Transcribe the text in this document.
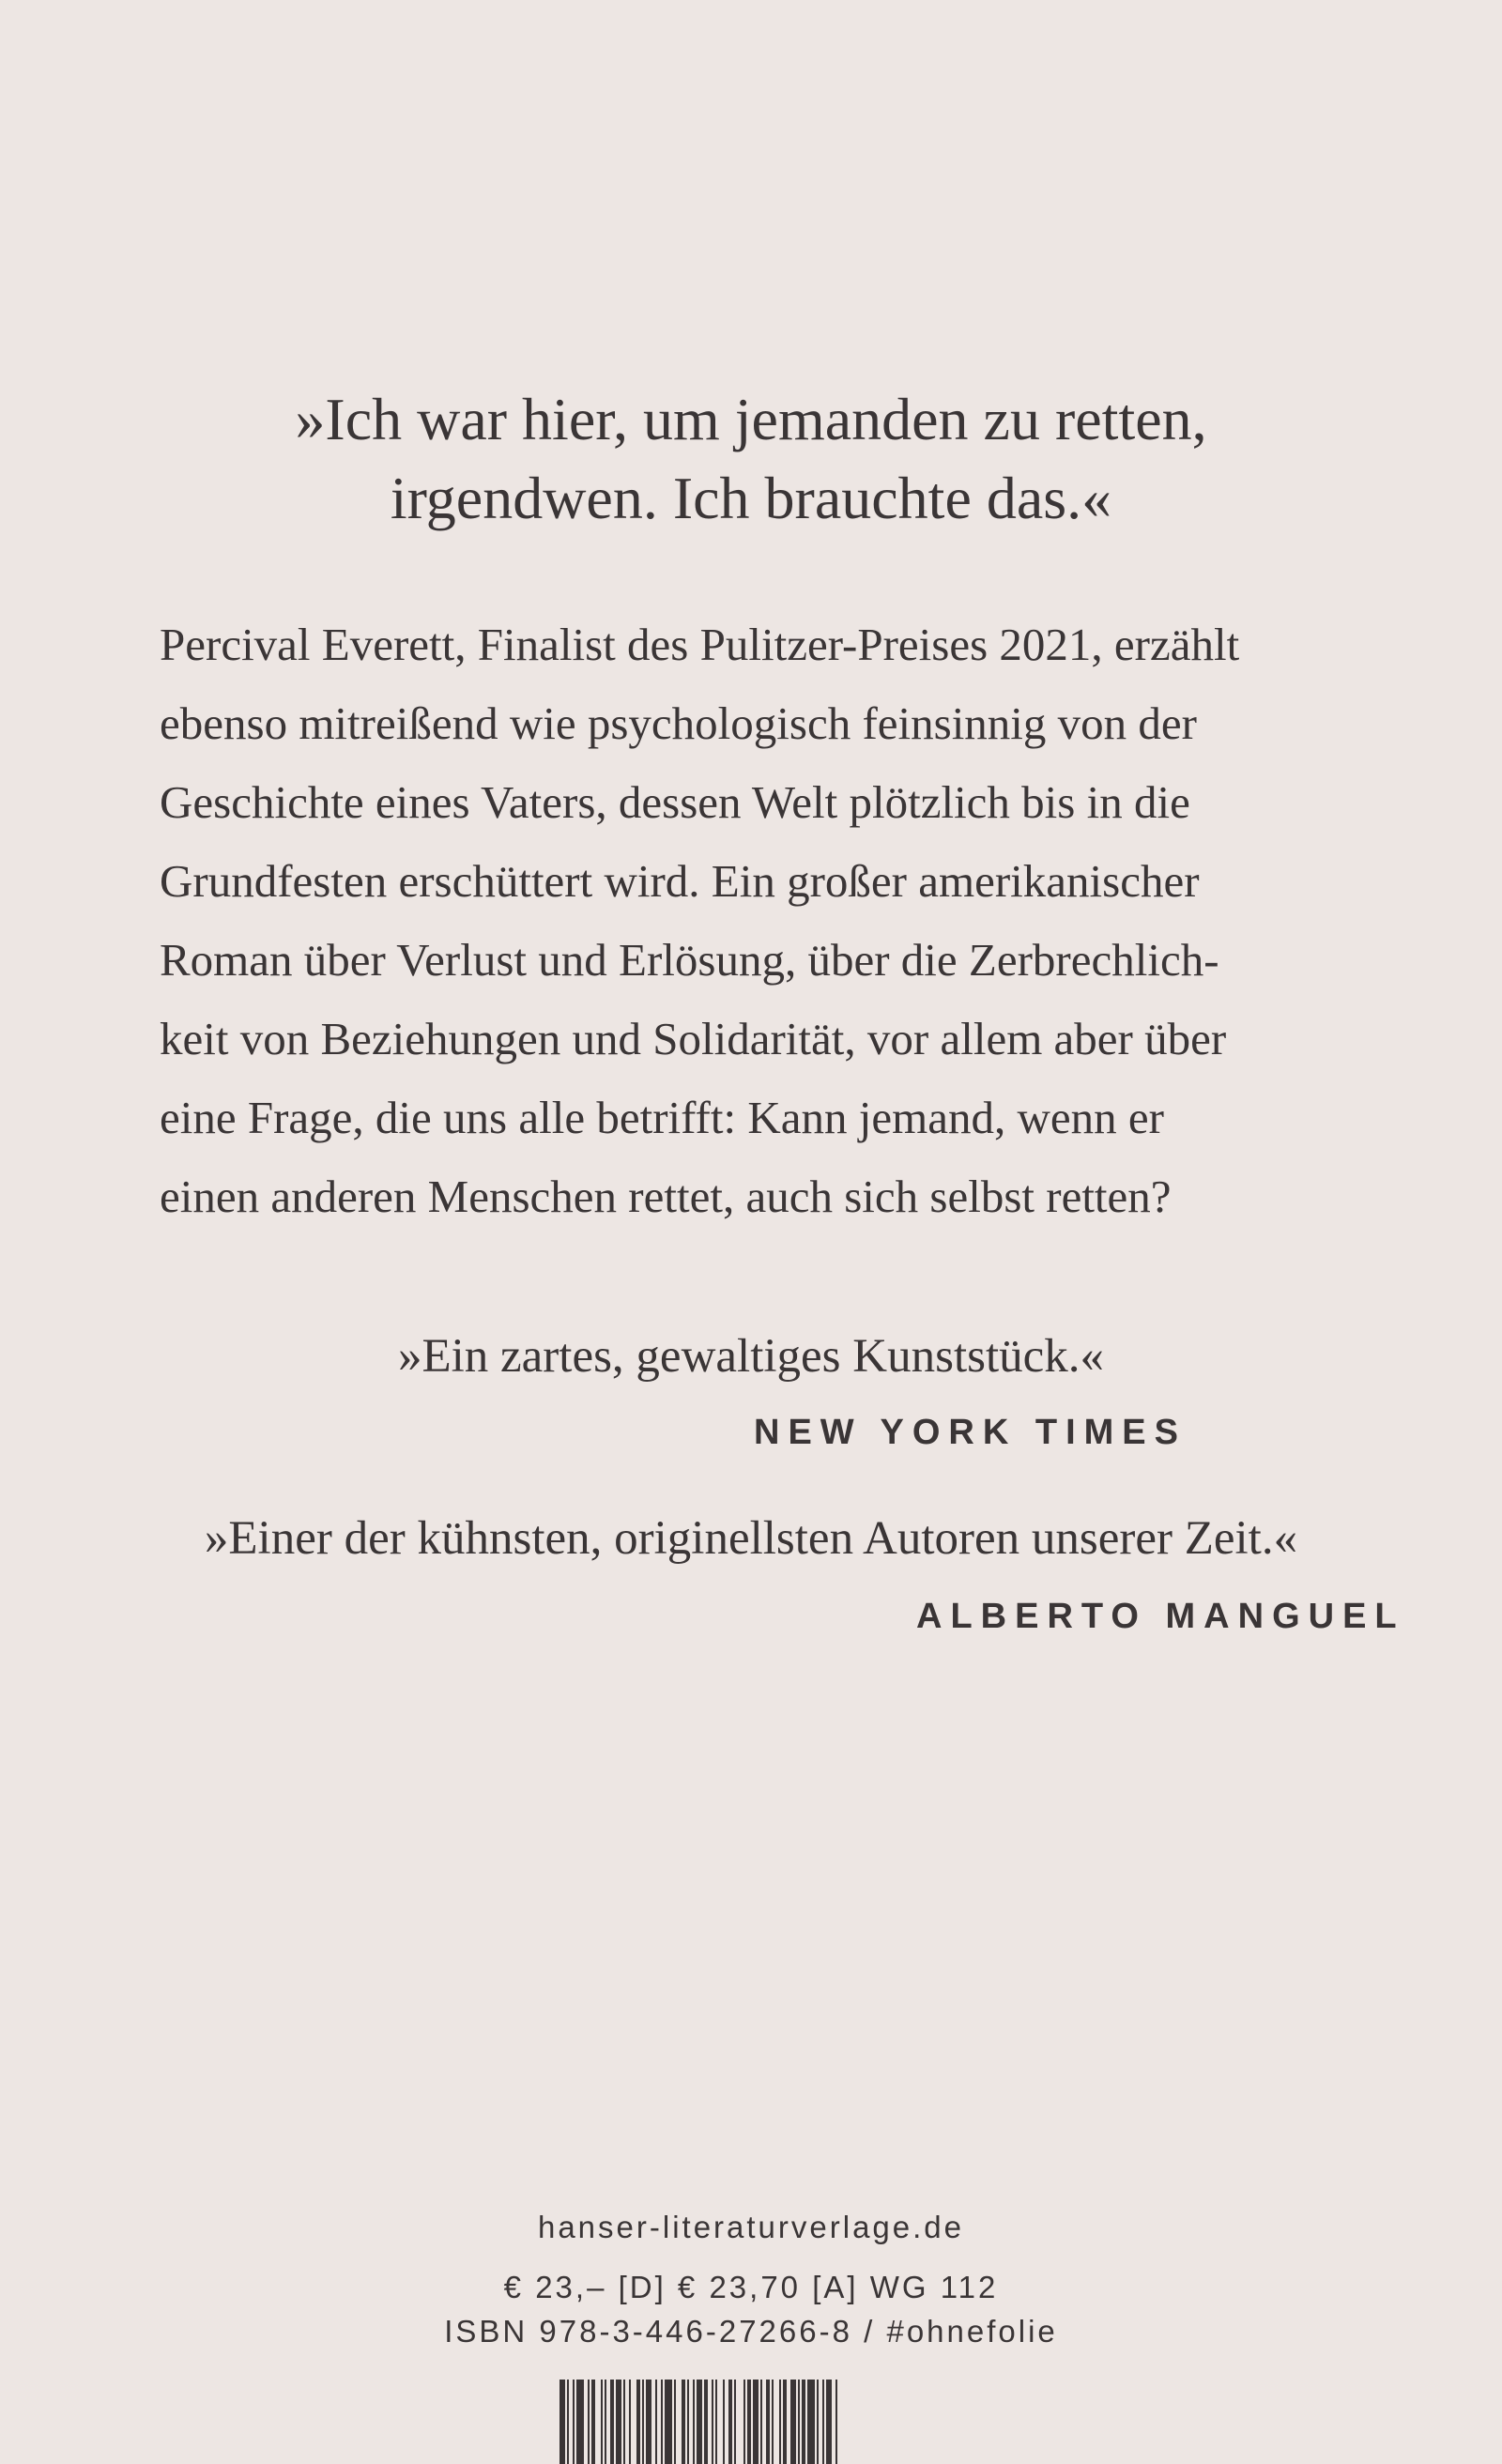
»Ich war hier, um jemanden zu retten,
irgendwen. Ich brauchte das.«
Percival Everett, Finalist des Pulitzer-Preises 2021, erzählt
ebenso mitreißend wie psychologisch feinsinnig von der
Geschichte eines Vaters, dessen Welt plötzlich bis in die
Grundfesten erschüttert wird. Ein großer amerikanischer
Roman über Verlust und Erlösung, über die Zerbrechlich-
keit von Beziehungen und Solidarität, vor allem aber über
eine Frage, die uns alle betrifft: Kann jemand, wenn er
einen anderen Menschen rettet, auch sich selbst retten?
»Ein zartes, gewaltiges Kunststück.«
NEW YORK TIMES
»Einer der kühnsten, originellsten Autoren unserer Zeit.«
ALBERTO MANGUEL
hanser-literaturverlage.de
€ 23,– [D] € 23,70 [A] WG 112
ISBN 978-3-446-27266-8 / #ohnefolie
